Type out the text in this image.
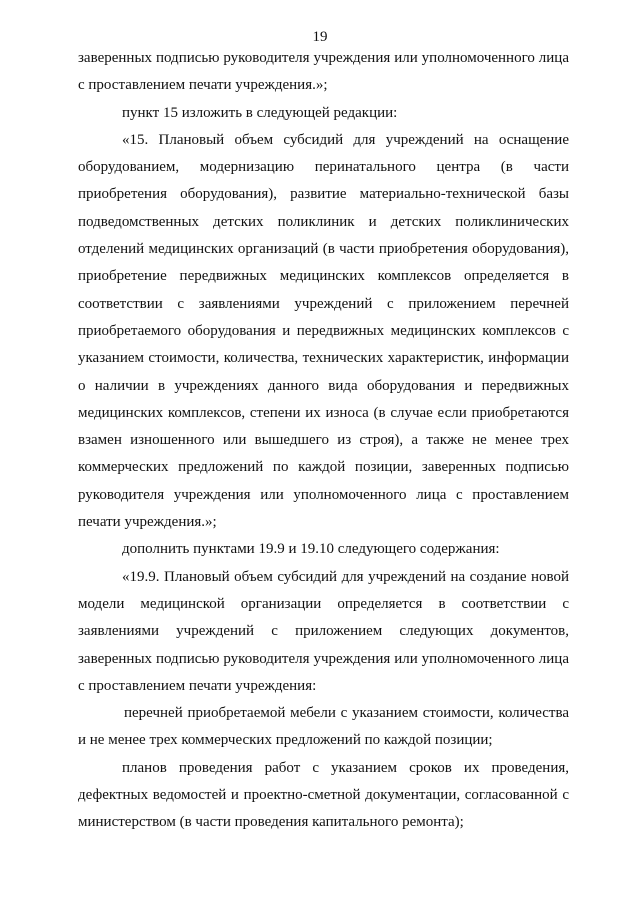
19

заверенных подписью руководителя учреждения или уполномоченного лица с проставлением печати учреждения.»;

пункт 15 изложить в следующей редакции:

«15. Плановый объем субсидий для учреждений на оснащение оборудованием, модернизацию перинатального центра (в части приобретения оборудования), развитие материально-технической базы подведомственных детских поликлиник и детских поликлинических отделений медицинских организаций (в части приобретения оборудования), приобретение передвижных медицинских комплексов определяется в соответствии с заявлениями учреждений с приложением перечней приобретаемого оборудования и передвижных медицинских комплексов с указанием стоимости, количества, технических характеристик, информации о наличии в учреждениях данного вида оборудования и передвижных медицинских комплексов, степени их износа (в случае если приобретаются взамен изношенного или вышедшего из строя), а также не менее трех коммерческих предложений по каждой позиции, заверенных подписью руководителя учреждения или уполномоченного лица с проставлением печати учреждения.»;

дополнить пунктами 19.9 и 19.10 следующего содержания:

«19.9. Плановый объем субсидий для учреждений на создание новой модели медицинской организации определяется в соответствии с заявлениями учреждений с приложением следующих документов, заверенных подписью руководителя учреждения или уполномоченного лица с проставлением печати учреждения:

перечней приобретаемой мебели с указанием стоимости, количества и не менее трех коммерческих предложений по каждой позиции;

планов проведения работ с указанием сроков их проведения, дефектных ведомостей и проектно-сметной документации, согласованной с министерством (в части проведения капитального ремонта);
